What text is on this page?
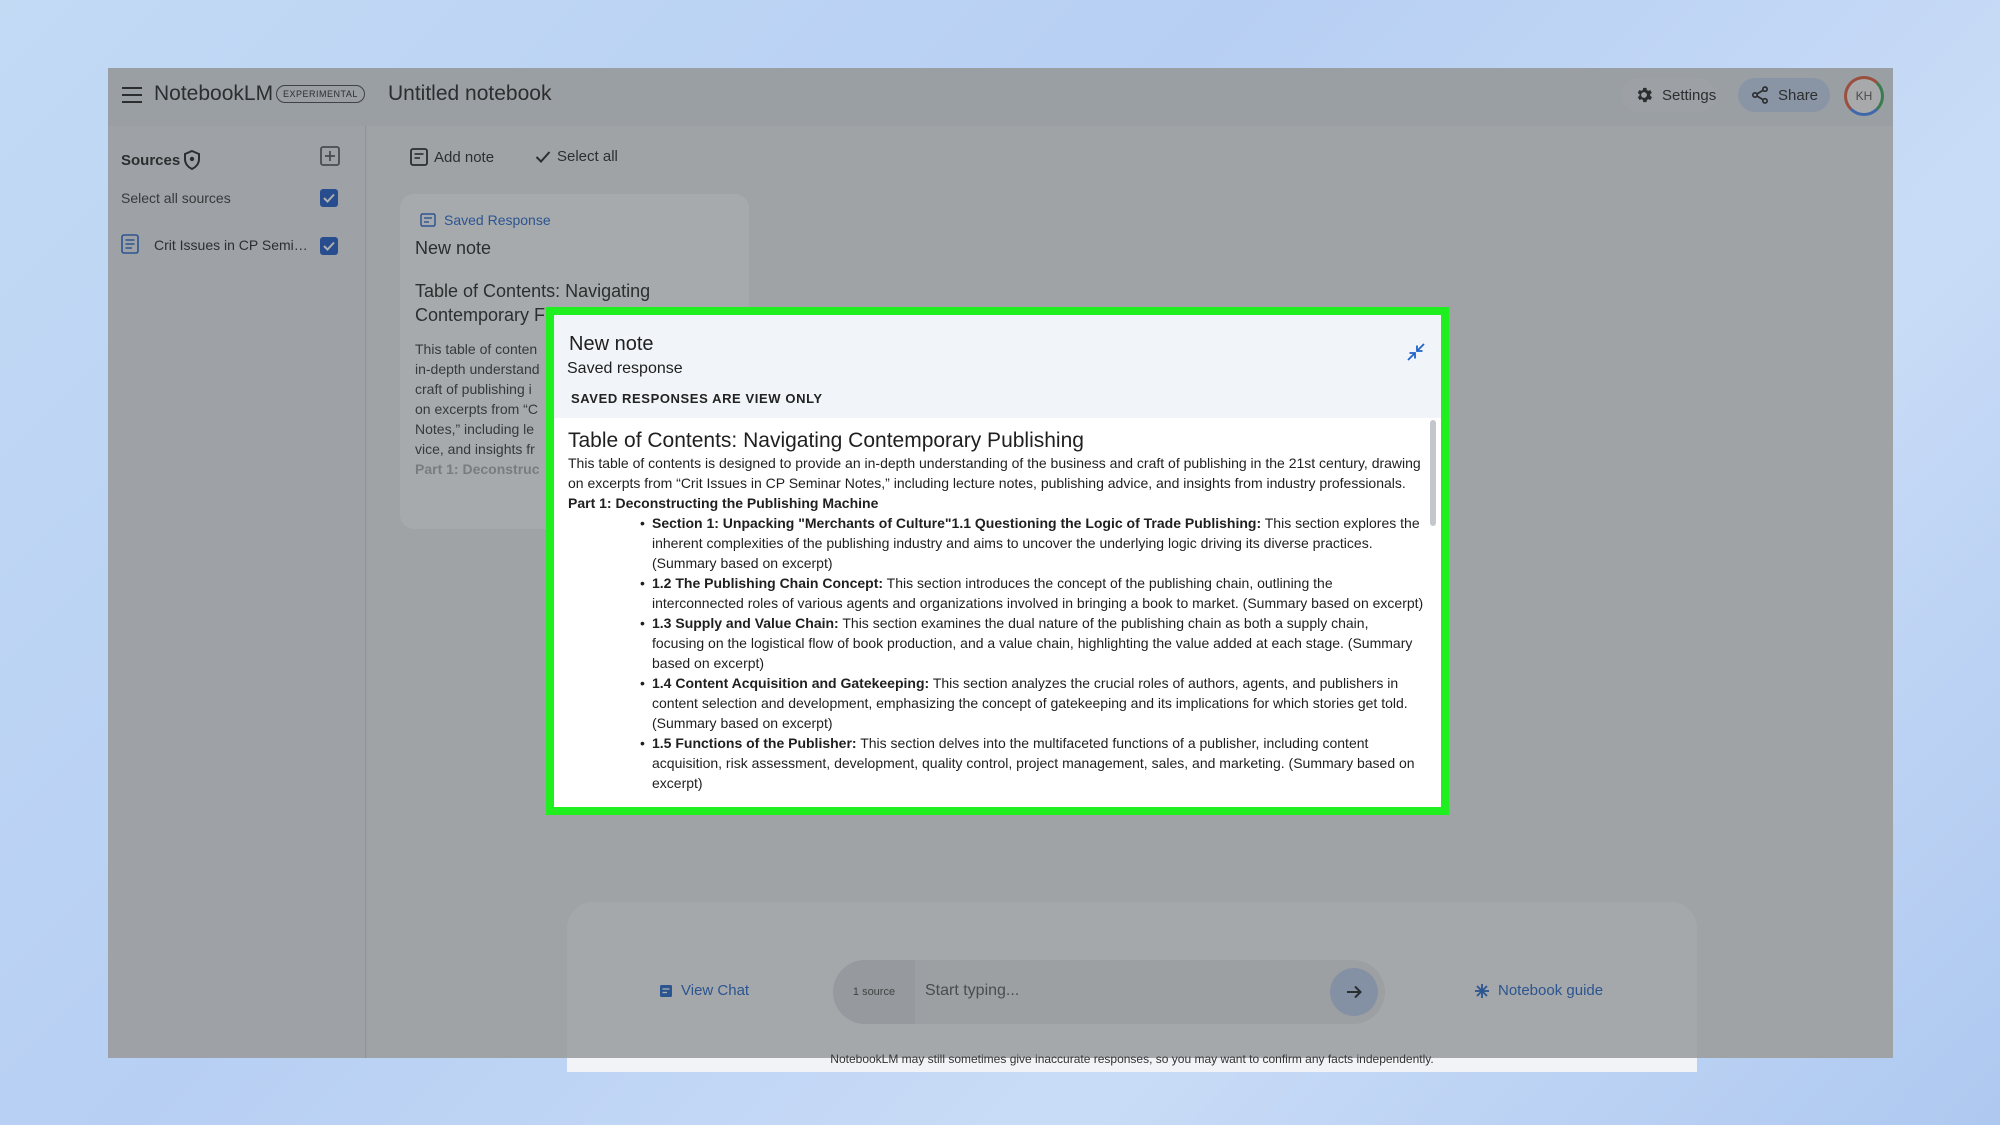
NotebookLM	EXPERIMENTAL	Untitled notebook	Settings	Share	KH
Sources
Select all sources
Crit Issues in CP Semi…
Add note	Select all
Saved Response
New note
Table of Contents: Navigating Contemporary F
This table of conten
in-depth understand
craft of publishing i
on excerpts from “C
Notes,” including le
vice, and insights fr
Part 1: Deconstruc
View Chat	1 source	Start typing...	Notebook guide
NotebookLM may still sometimes give inaccurate responses, so you may want to confirm any facts independently.
New note
Saved response
SAVED RESPONSES ARE VIEW ONLY
Table of Contents: Navigating Contemporary Publishing
This table of contents is designed to provide an in-depth understanding of the business and craft of publishing in the 21st century, drawing on excerpts from “Crit Issues in CP Seminar Notes,” including lecture notes, publishing advice, and insights from industry professionals.
Part 1: Deconstructing the Publishing Machine
• Section 1: Unpacking "Merchants of Culture"1.1 Questioning the Logic of Trade Publishing: This section explores the inherent complexities of the publishing industry and aims to uncover the underlying logic driving its diverse practices. (Summary based on excerpt)
• 1.2 The Publishing Chain Concept: This section introduces the concept of the publishing chain, outlining the interconnected roles of various agents and organizations involved in bringing a book to market. (Summary based on excerpt)
• 1.3 Supply and Value Chain: This section examines the dual nature of the publishing chain as both a supply chain, focusing on the logistical flow of book production, and a value chain, highlighting the value added at each stage. (Summary based on excerpt)
• 1.4 Content Acquisition and Gatekeeping: This section analyzes the crucial roles of authors, agents, and publishers in content selection and development, emphasizing the concept of gatekeeping and its implications for which stories get told. (Summary based on excerpt)
• 1.5 Functions of the Publisher: This section delves into the multifaceted functions of a publisher, including content acquisition, risk assessment, development, quality control, project management, sales, and marketing. (Summary based on excerpt)
